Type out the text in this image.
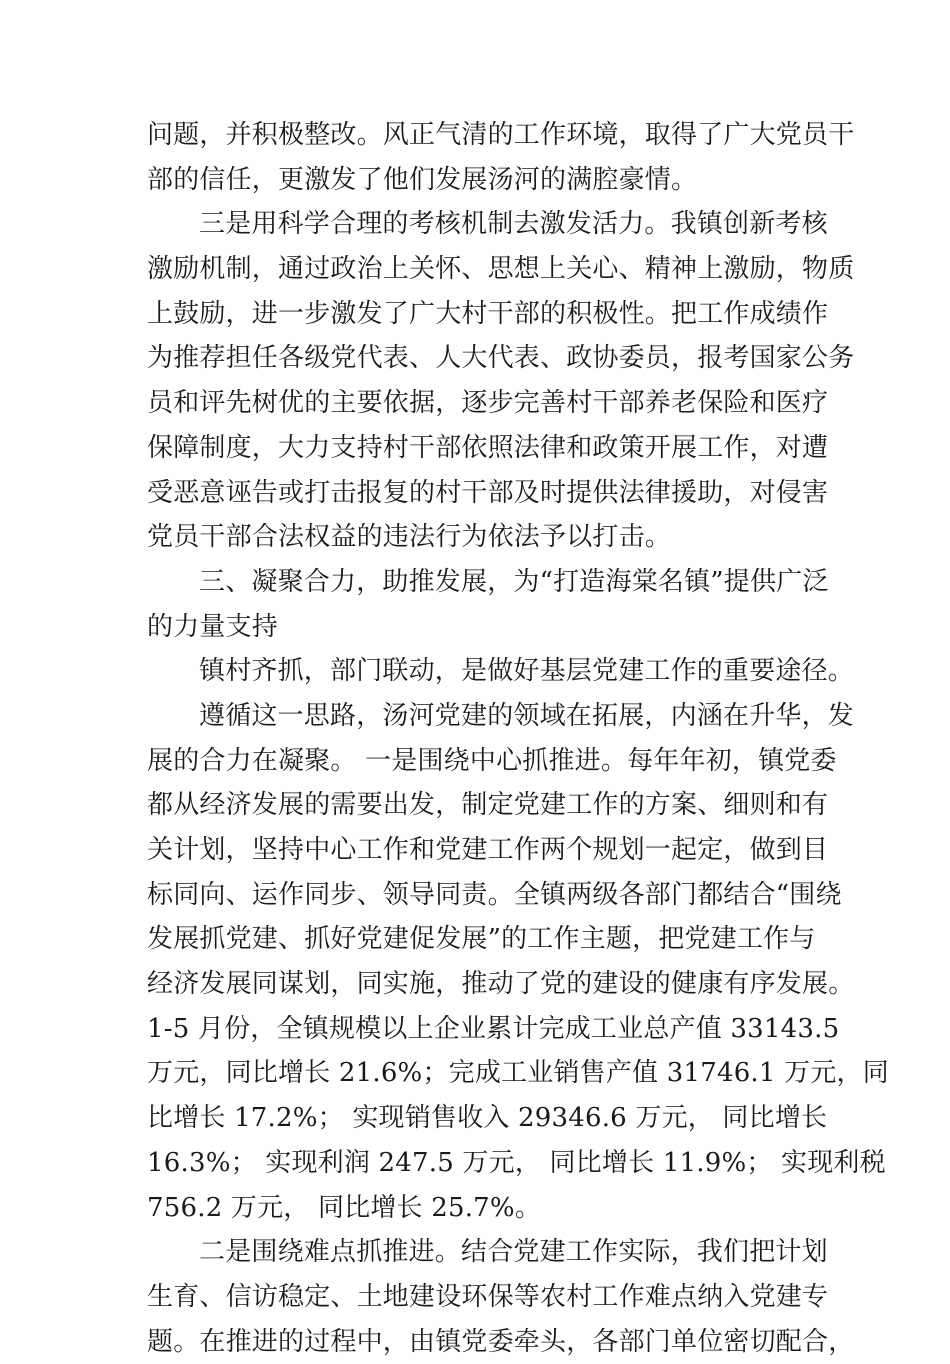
问题，并积极整改。风正气清的工作环境，取得了广大党员干
部的信任，更激发了他们发展汤河的满腔豪情。
三是用科学合理的考核机制去激发活力。我镇创新考核
激励机制，通过政治上关怀、思想上关心、精神上激励，物质
上鼓励，进一步激发了广大村干部的积极性。把工作成绩作
为推荐担任各级党代表、人大代表、政协委员，报考国家公务
员和评先树优的主要依据，逐步完善村干部养老保险和医疗
保障制度，大力支持村干部依照法律和政策开展工作，对遭
受恶意诬告或打击报复的村干部及时提供法律援助，对侵害
党员干部合法权益的违法行为依法予以打击。
三、凝聚合力，助推发展，为“打造海棠名镇”提供广泛
的力量支持
镇村齐抓，部门联动，是做好基层党建工作的重要途径。
遵循这一思路，汤河党建的领域在拓展，内涵在升华，发
展的合力在凝聚。 一是围绕中心抓推进。每年年初，镇党委
都从经济发展的需要出发，制定党建工作的方案、细则和有
关计划，坚持中心工作和党建工作两个规划一起定，做到目
标同向、运作同步、领导同责。全镇两级各部门都结合“围绕
发展抓党建、抓好党建促发展”的工作主题，把党建工作与
经济发展同谋划，同实施，推动了党的建设的健康有序发展。
1-5 月份，全镇规模以上企业累计完成工业总产值 33143.5
万元，同比增长 21.6%；完成工业销售产值 31746.1 万元，同
比增长 17.2%； 实现销售收入 29346.6 万元， 同比增长
16.3%； 实现利润 247.5 万元， 同比增长 11.9%； 实现利税
756.2 万元， 同比增长 25.7%。
二是围绕难点抓推进。结合党建工作实际，我们把计划
生育、信访稳定、土地建设环保等农村工作难点纳入党建专
题。在推进的过程中，由镇党委牵头，各部门单位密切配合，
